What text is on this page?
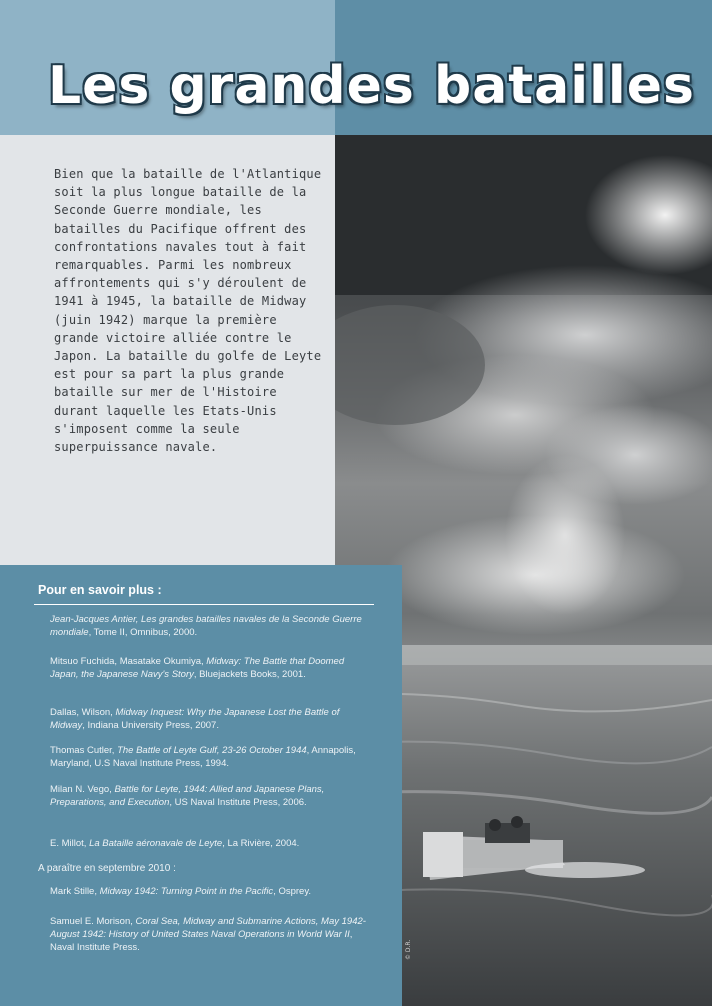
Les grandes batailles

Bien que la bataille de l'Atlantique soit la plus longue bataille de la Seconde Guerre mondiale, les batailles du Pacifique offrent des confrontations navales tout à fait remarquables. Parmi les nombreux affrontements qui s'y déroulent de 1941 à 1945, la bataille de Midway (juin 1942) marque la première grande victoire alliée contre le Japon. La bataille du golfe de Leyte est pour sa part la plus grande bataille sur mer de l'Histoire durant laquelle les Etats-Unis s'imposent comme la seule superpuissance navale.

Pour en savoir plus :

Jean-Jacques Antier, Les grandes batailles navales de la Seconde Guerre mondiale, Tome II, Omnibus, 2000.

Mitsuo Fuchida, Masatake Okumiya, Midway: The Battle that Doomed Japan, the Japanese Navy's Story, Bluejackets Books, 2001.

Dallas, Wilson, Midway Inquest: Why the Japanese Lost the Battle of Midway, Indiana University Press, 2007.

Thomas Cutler, The Battle of Leyte Gulf, 23-26 October 1944, Annapolis, Maryland, U.S Naval Institute Press, 1994.

Milan N. Vego, Battle for Leyte, 1944: Allied and Japanese Plans, Preparations, and Execution, US Naval Institute Press, 2006.

E. Millot, La Bataille aéronavale de Leyte, La Rivière, 2004.

A paraître en septembre 2010 :

Mark Stille, Midway 1942: Turning Point in the Pacific, Osprey.

Samuel E. Morison, Coral Sea, Midway and Submarine Actions, May 1942-August 1942: History of United States Naval Operations in World War II, Naval Institute Press.	© D.R.
